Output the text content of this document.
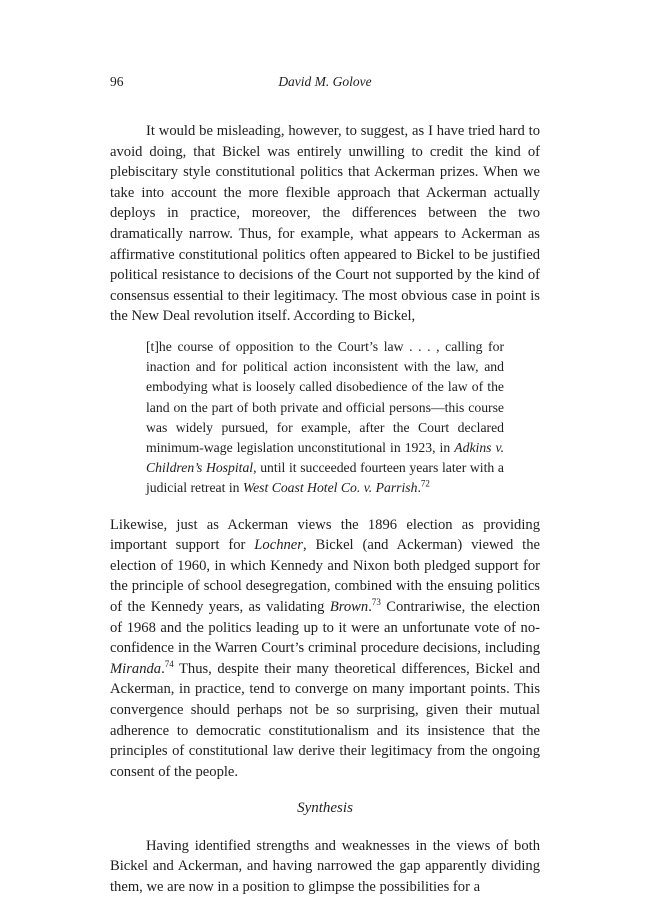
96	David M. Golove

It would be misleading, however, to suggest, as I have tried hard to avoid doing, that Bickel was entirely unwilling to credit the kind of plebiscitary style constitutional politics that Ackerman prizes. When we take into account the more flexible approach that Ackerman actually deploys in practice, moreover, the differences between the two dramatically narrow. Thus, for example, what appears to Ackerman as affirmative constitutional politics often appeared to Bickel to be justified political resistance to decisions of the Court not supported by the kind of consensus essential to their legitimacy. The most obvious case in point is the New Deal revolution itself. According to Bickel,

[t]he course of opposition to the Court’s law . . . , calling for inaction and for political action inconsistent with the law, and embodying what is loosely called disobedience of the law of the land on the part of both private and official persons—this course was widely pursued, for example, after the Court declared minimum-wage legislation unconstitutional in 1923, in Adkins v. Children’s Hospital, until it succeeded fourteen years later with a judicial retreat in West Coast Hotel Co. v. Parrish.$^{72}$

Likewise, just as Ackerman views the 1896 election as providing important support for Lochner, Bickel (and Ackerman) viewed the election of 1960, in which Kennedy and Nixon both pledged support for the principle of school desegregation, combined with the ensuing politics of the Kennedy years, as validating Brown.$^{73}$ Contrariwise, the election of 1968 and the politics leading up to it were an unfortunate vote of no-confidence in the Warren Court’s criminal procedure decisions, including Miranda.$^{74}$ Thus, despite their many theoretical differences, Bickel and Ackerman, in practice, tend to converge on many important points. This convergence should perhaps not be so surprising, given their mutual adherence to democratic constitutionalism and its insistence that the principles of constitutional law derive their legitimacy from the ongoing consent of the people.

Synthesis

Having identified strengths and weaknesses in the views of both Bickel and Ackerman, and having narrowed the gap apparently dividing them, we are now in a position to glimpse the possibilities for a
